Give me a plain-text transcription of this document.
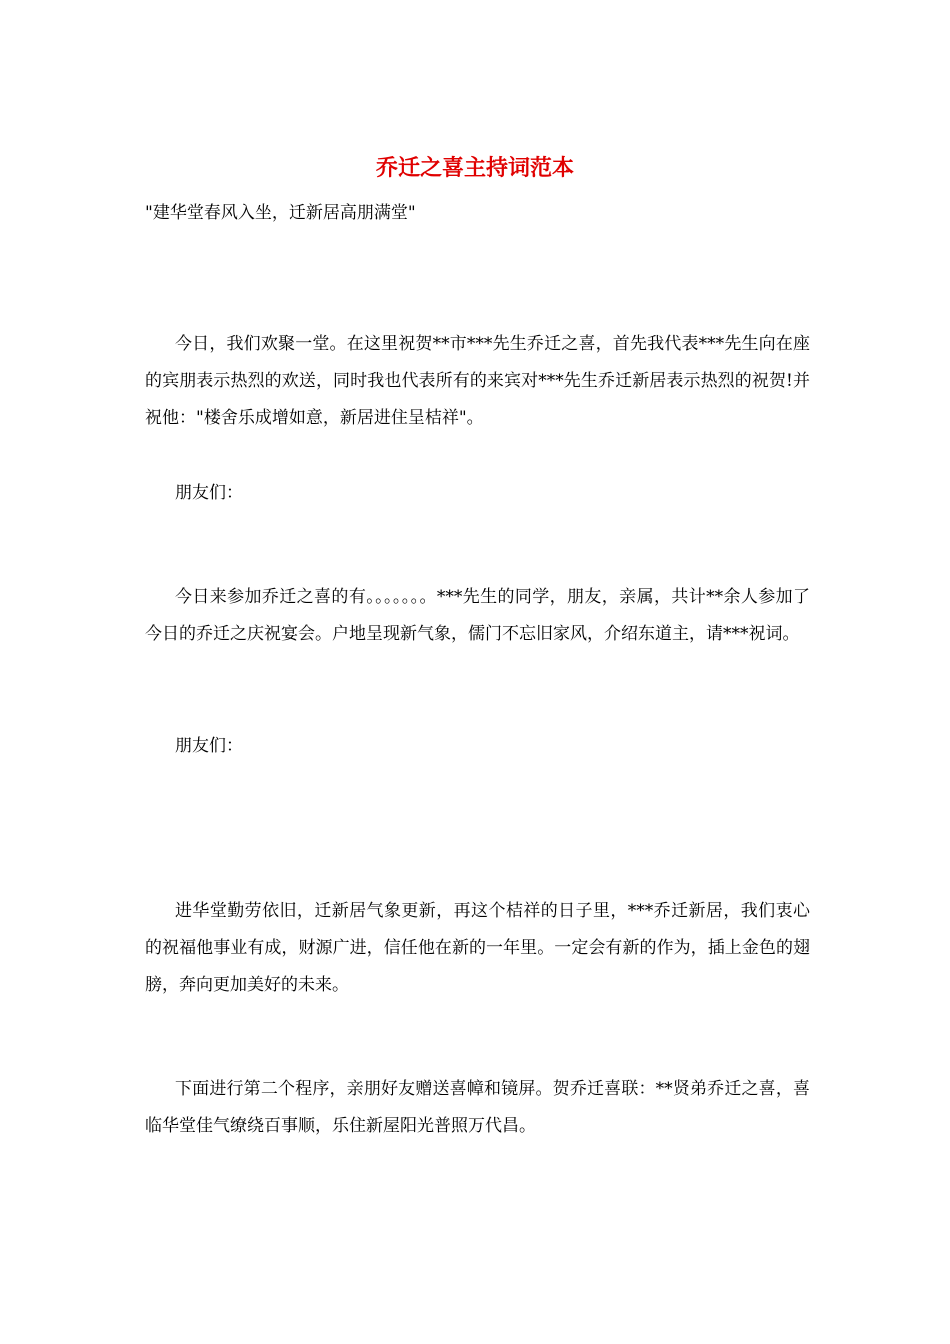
乔迁之喜主持词范本

"建华堂春风入坐，迁新居高朋满堂"

今日，我们欢聚一堂。在这里祝贺**市***先生乔迁之喜，首先我代表***先生向在座的宾朋表示热烈的欢送，同时我也代表所有的来宾对***先生乔迁新居表示热烈的祝贺!并祝他："楼舍乐成增如意，新居进住呈桔祥"。

朋友们：

今日来参加乔迁之喜的有。。。。。。。***先生的同学，朋友，亲属，共计**余人参加了今日的乔迁之庆祝宴会。户地呈现新气象，儒门不忘旧家风，介绍东道主，请***祝词。

朋友们：

进华堂勤劳依旧，迁新居气象更新，再这个桔祥的日子里，***乔迁新居，我们衷心的祝福他事业有成，财源广进，信任他在新的一年里。一定会有新的作为，插上金色的翅膀，奔向更加美好的未来。

下面进行第二个程序，亲朋好友赠送喜幛和镜屏。贺乔迁喜联：**贤弟乔迁之喜，喜临华堂佳气缭绕百事顺，乐住新屋阳光普照万代昌。
